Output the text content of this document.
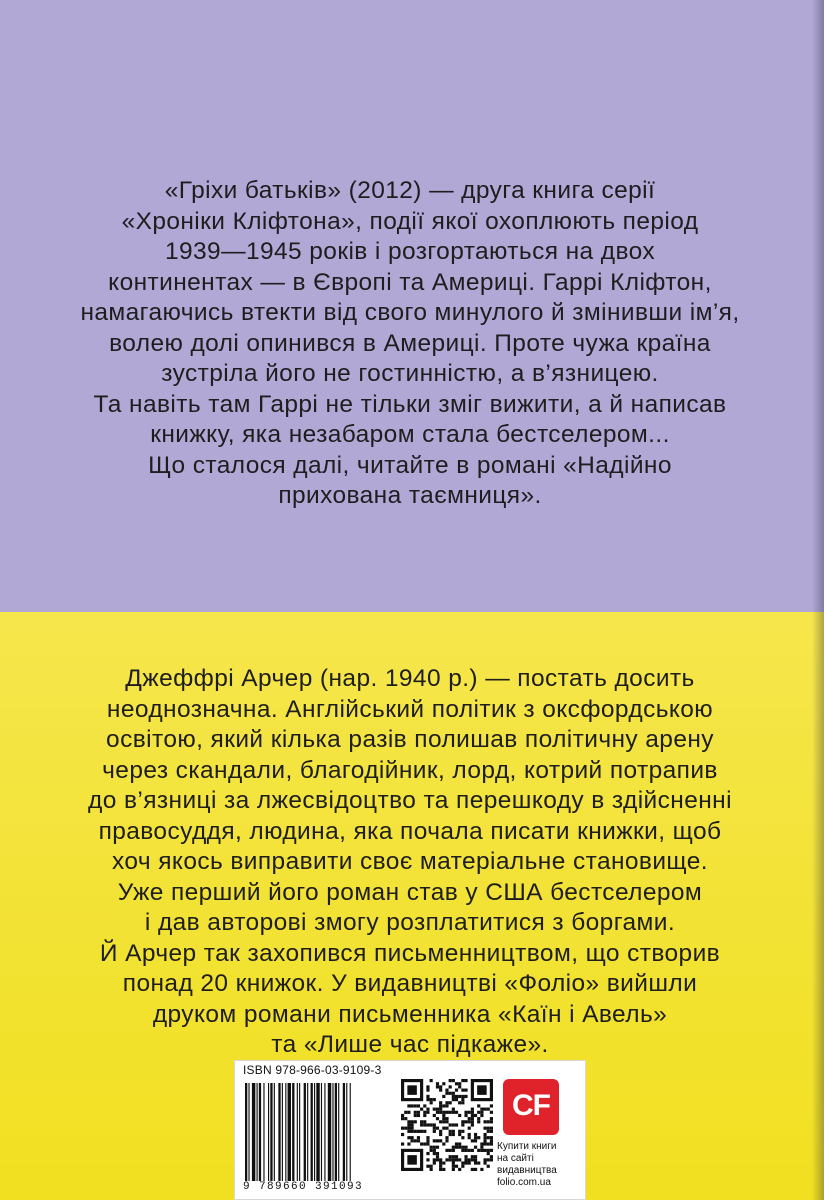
«Гріхи батьків» (2012) — друга книга серії
«Хроніки Кліфтона», події якої охоплюють період
1939—1945 років і розгортаються на двох
континентах — в Європі та Америці. Гаррі Кліфтон,
намагаючись втекти від свого минулого й змінивши ім’я,
волею долі опинився в Америці. Проте чужа країна
зустріла його не гостинністю, а в’язницею.
Та навіть там Гаррі не тільки зміг вижити, а й написав
книжку, яка незабаром стала бестселером...
Що сталося далі, читайте в романі «Надійно
прихована таємниця».

Джеффрі Арчер (нар. 1940 р.) — постать досить
неоднозначна. Англійський політик з оксфордською
освітою, який кілька разів полишав політичну арену
через скандали, благодійник, лорд, котрий потрапив
до в’язниці за лжесвідоцтво та перешкоду в здійсненні
правосуддя, людина, яка почала писати книжки, щоб
хоч якось виправити своє матеріальне становище.
Уже перший його роман став у США бестселером
і дав авторові змогу розплатитися з боргами.
Й Арчер так захопився письменництвом, що створив
понад 20 книжок. У видавництві «Фоліо» вийшли
друком романи письменника «Каїн і Авель»
та «Лише час підкаже».

ISBN 978-966-03-9109-3
9 789660 391093
CF
Купити книги
на сайті
видавництва
folio.com.ua
